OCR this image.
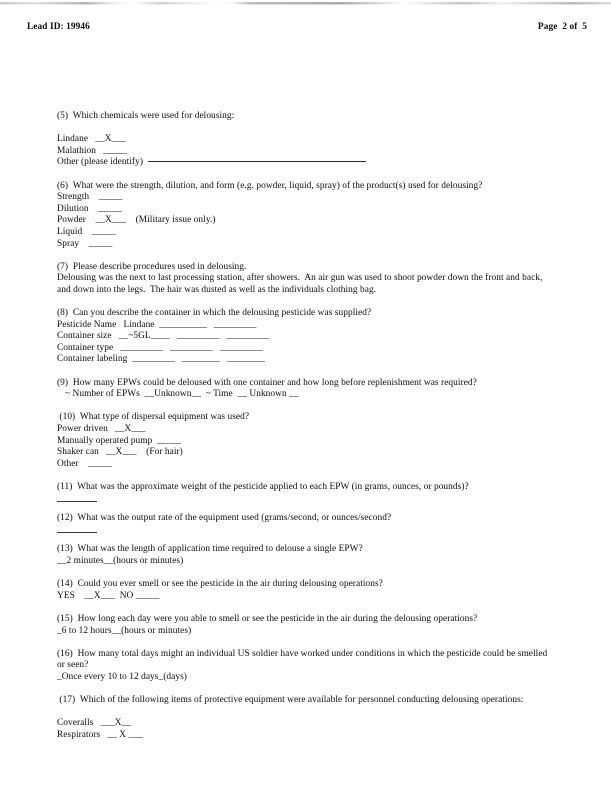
Lead ID: 19946	Page  2 of  5
(5)  Which chemicals were used for delousing:
Lindane   __X___
Malathion   _____
Other (please identify)
(6)  What were the strength, dilution, and form (e.g. powder, liquid, spray) of the product(s) used for delousing?
Strength    _____
Dilution    _____
Powder    __X___    (Military issue only.)
Liquid    _____
Spray    _____
(7)  Please describe procedures used in delousing.
Delousing was the next to last processing station, after showers.  An air gun was used to shoot powder down the front and back, and down into the legs.  The hair was dusted as well as the individuals clothing bag.
(8)  Can you describe the container in which the delousing pesticide was supplied?
Pesticide Name   Lindane  __________   _________
Container size   __~5GL____   _________   _________
Container type   _________   _________   _________
Container labeling  _________   ________   ________
(9)  How many EPWs could be deloused with one container and how long before replenishment was required?
~ Number of EPWs  __Unknown__  ~ Time  __ Unknown __
(10)  What type of dispersal equipment was used?
Power driven   __X___
Manually operated pump  _____
Shaker can   __X___    (For hair)
Other    _____
(11)  What was the approximate weight of the pesticide applied to each EPW (in grams, ounces, or pounds)?
(12)  What was the output rate of the equipment used (grams/second, or ounces/second?
(13)  What was the length of application time required to delouse a single EPW?
__2 minutes__(hours or minutes)
(14)  Could you ever smell or see the pesticide in the air during delousing operations?
YES    __X___  NO _____
(15)  How long each day were you able to smell or see the pesticide in the air during the delousing operations?
_6 to 12 hours__(hours or minutes)
(16)  How many total days might an individual US soldier have worked under conditions in which the pesticide could be smelled or seen?
_Once every 10 to 12 days_(days)
(17)  Which of the following items of protective equipment were available for personnel conducting delousing operations:
Coveralls   ___X__
Respirators   __ X ___
